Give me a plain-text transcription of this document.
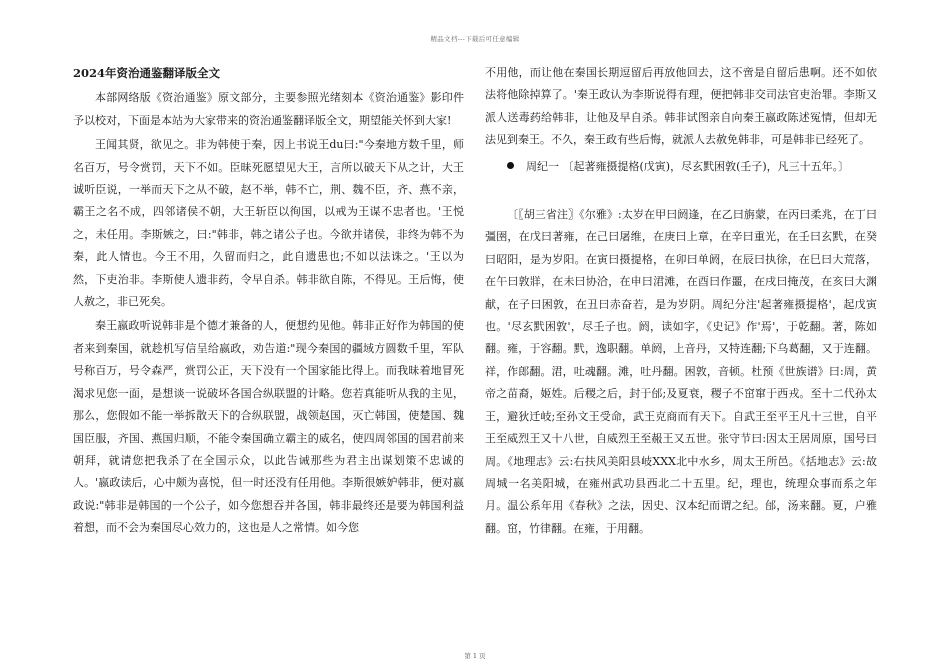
精品文档---下载后可任意编辑
2024年资治通鉴翻译版全文

本部网络版《资治通鉴》原文部分，主要参照光绪刻本《资治通鉴》影印件予以校对，下面是本站为大家带来的资治通鉴翻译版全文，期望能关怀到大家!

王闻其贤，欲见之。非为韩使于秦，因上书说王du曰:"今秦地方数千里，师名百万，号令赏罚，天下不如。臣昧死愿望见大王，言所以破天下从之计，大王诚听臣说，一举而天下之从不破，赵不举，韩不亡，荆、魏不臣，齐、燕不亲，霸王之名不成，四邻诸侯不朝，大王斩臣以徇国，以戒为王谋不忠者也。'王悦之，未任用。李斯嫉之，曰:"韩非，韩之诸公子也。今欲并诸侯，非终为韩不为秦，此人情也。今王不用，久留而归之，此自遗患也;不如以法诛之。'王以为然，下吏治非。李斯使人遗非药，令早自杀。韩非欲自陈，不得见。王后悔，使人赦之，非已死矣。

秦王嬴政听说韩非是个德才兼备的人，便想约见他。韩非正好作为韩国的使者来到秦国，就趁机写信呈给嬴政，劝告道:"现今秦国的疆域方圆数千里，军队号称百万，号令森严，赏罚公正，天下没有一个国家能比得上。而我昧着地冒死渴求见您一面，是想谈一说破坏各国合纵联盟的计略。您若真能听从我的主见，那么，您假如不能一举拆散天下的合纵联盟，战领赵国，灭亡韩国，使楚国、魏国臣服，齐国、燕国归顺，不能令秦国确立霸主的威名，使四周邻国的国君前来朝拜，就请您把我杀了在全国示众，以此告诫那些为君主出谋划策不忠诚的人。'嬴政读后，心中颇为喜悦，但一时还没有任用他。李斯很嫉妒韩非，便对嬴政说:"韩非是韩国的一个公子，如今您想吞并各国，韩非最终还是要为韩国利益着想，而不会为秦国尽心效力的，这也是人之常情。如今您

不用他，而让他在秦国长期逗留后再放他回去，这不啻是自留后患啊。还不如依法将他除掉算了。'秦王政认为李斯说得有理，便把韩非交司法官吏治罪。李斯又派人送毒药给韩非，让他及早自杀。韩非试图亲自向秦王嬴政陈述冤情，但却无法见到秦王。不久，秦王政有些后悔，就派人去赦免韩非，可是韩非已经死了。

周纪一 〔起著雍摄提格(戊寅)，尽玄黓困敦(壬子)，凡三十五年。〕

〔〖胡三省注〗《尔雅》:太岁在甲曰阏逢，在乙曰旃蒙，在丙曰柔兆，在丁曰彊圉，在戊曰著雍，在己曰屠维，在庚曰上章，在辛曰重光，在壬曰玄黓，在癸曰昭阳，是为岁阳。在寅曰摄提格，在卯曰单阏，在辰曰执徐，在巳曰大荒落，在午曰敦牂，在未曰协洽，在申曰涒滩，在酉曰作噩，在戌曰掩茂，在亥曰大渊献，在子曰困敦，在丑曰赤奋若，是为岁阴。周纪分注'起著雍摄提格'，起戊寅也。'尽玄黓困敦'，尽壬子也。阏，读如字，《史记》作'焉'，于乾翻。著，陈如翻。雍，于容翻。黓，逸职翻。单阏，上音丹，又特连翻;下乌葛翻，又于连翻。祥，作郎翻。涒，吐魂翻。滩，吐丹翻。困敦，音顿。杜预《世族谱》曰:周，黄帝之苗裔，姬姓。后稷之后，封于邰;及夏衰，稷子不窋窜于西戎。至十二代孙太王，避狄迁岐;至孙文王受命，武王克商而有天下。自武王至平王凡十三世，自平王至威烈王又十八世，自威烈王至赧王又五世。张守节曰:因太王居周原，国号曰周。《地理志》云:右扶风美阳县岐XXX北中水乡，周太王所邑。《括地志》云:故周城一名美阳城，在雍州武功县西北二十五里。纪，理也，统理众事而系之年月。温公系年用《春秋》之法，因史、汉本纪而谓之纪。邰，汤来翻。夏，户雅翻。窋，竹律翻。在雍，于用翻。

第 1 页
